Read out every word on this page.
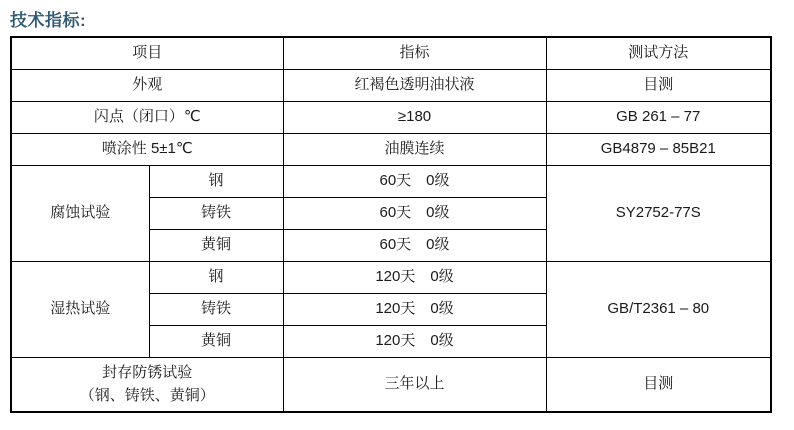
技术指标:
项目		指标	测试方法
外观		红褐色透明油状液	目测
闪点（闭口）℃		≥180	GB 261 – 77
喷涂性 5±1℃		油膜连续	GB4879 – 85B21
腐蚀试验	钢	60天　0级	SY2752-77S
	铸铁	60天　0级	
	黄铜	60天　0级	
湿热试验	钢	120天　0级	GB/T2361 – 80
	铸铁	120天　0级	
	黄铜	120天　0级	

封存防锈试验
（钢、铸铁、黄铜）		三年以上	目测
